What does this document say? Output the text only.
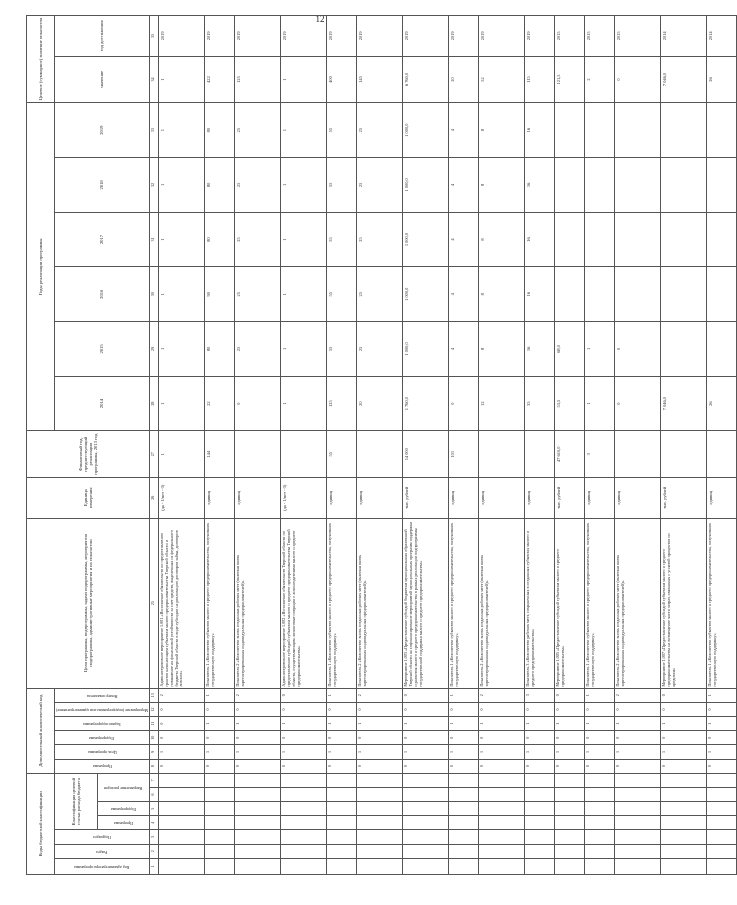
12
Коды бюджетной классификации							Дополнительный аналитический код						Цели программы, подпрограммы, задачи подпрограммы, мероприятия подпрограммы, административные мероприятия и их показатели	Единица измерения	Финансовый год, предшествующий реализации программы, 2013 год	Годы реализации программы						Целевое (суммарное) значение показателя	

Код администратора программы	Раздел	Подраздел	Классификация целевой статьи расхода бюджета				Программа	Цель программы	Подпрограмма	Задачи подпрограммы	Мероприятие (подпрограммы или административное)	Номер показателя				2014	2015	2016	2017	2018	2019	значение	год достижения

			Программа	Подпрограмма	Направление расходов																		

1	2	3	4	5	6	7	8	9	10	11	12	13	25	26	27	28	29	30	31	32	33	34	35
							0	1	0	0	0	2	Административное мероприятие 1.001 «Исполнение обязательств по предоставлению грантов начинающим субъектам малого предпринимательства Тверской области и повышение их финансовой устойчивости за счет средств, выделенных из федерального бюджета Тверской области в виде субсидии на реализацию договоров займа, договоров лизинга»	(да - 1/нет - 0)	1	1	1	1	1	1	1	1	2019
							0	1	0	1	0	1	Показатель 1 «Количество субъектов малого и среднего предпринимательства, получивших государственную поддержку»	единиц	144	22	80	90	80	80	80	422	2019
							0	1	0	1	0	2	Показатель 2 «Количество вновь созданных рабочих мест (включая вновь зарегистрированных индивидуальных предпринимателей)»	единиц		0	25	25	25	25	25	125	2019
							0	1	0	1	0	0	Административное мероприятие 1.002 «Исполнение обязательств Тверской области по предоставлению субсидий субъектам малого и среднего предпринимательства Тверской области, осуществляющим лизинговые операции с лизингодателями малого и среднего предпринимательства»	(да - 1/нет - 0)		1	1	1	1	1	1	1	2019
							0	1	0	1	0	1	Показатель 1 «Количество субъектов малого и среднего предпринимательства, получивших государственную поддержку»	единиц	55	125	55	55	55	55	55	400	2019
							0	1	0	1	0	2	Показатель 2 «Количество вновь созданных рабочих мест (включая вновь зарегистрированных индивидуальных предпринимателей)»	единиц		20	25	25	25	25	25	145	2019
							0	1	0	1	0	0	Мероприятие 1.003 «Предоставление субсидий бюджетам муниципальных образований Тверской области на софинансирование мероприятий муниципальных программ поддержки и развития малого и среднего предпринимательства в рамках реализации подпрограммы государственной поддержки малого и среднего предпринимательства»	тыс. рублей	14 000	1 760,0	1 000,0	1 000,0	1 000,0	1 000,0	1 000,0	6 760,0	2019
							0	1	0	1	0	1	Показатель 1 «Количество субъектов малого и среднего предпринимательства, получивших государственную поддержку»	единиц	101	0	4	4	4	4	4	20	2019
							0	1	0	1	0	2	Показатель 2 «Количество вновь созданных рабочих мест (включая вновь зарегистрированных индивидуальных предпринимателей)»	единиц		12	8	8	8	8	8	52	2019
							0	1	0	1	0	3	Показатель 3 «Количество рабочих мест, сохраненных в созданных субъектах малого и среднего предпринимательства»	единиц		35	16	16	16	16	16	115	2019
							0	1	0	1	0	0	Мероприятие 1.005 «Предоставление субсидий субъектам малого и среднего предпринимательства»	тыс. рублей	47 610,0	53,5	68,0					121,5	2015
							0	1	0	1	0	1	Показатель 1 «Количество субъектов малого и среднего предпринимательства, получивших государственную поддержку»	единиц	3	1	1					2	2015
							0	1	0	1	0	2	Показатель 2 «Количество вновь созданных рабочих мест (включая вновь зарегистрированных индивидуальных предпринимателей)»	единиц		0	0					0	2015
							0	1	0	1	0	0	Мероприятие 1.007 «Предоставление субсидий субъектам малого и среднего предпринимательства на возмещение части затрат, связанных с уплатой процентов по кредитам»	тыс. рублей		7 046,0						7 046,0	2014
							0	1	0	1	0	1	Показатель 1 «Количество субъектов малого и среднего предпринимательства, получивших государственную поддержку»	единиц		26						26	2014
